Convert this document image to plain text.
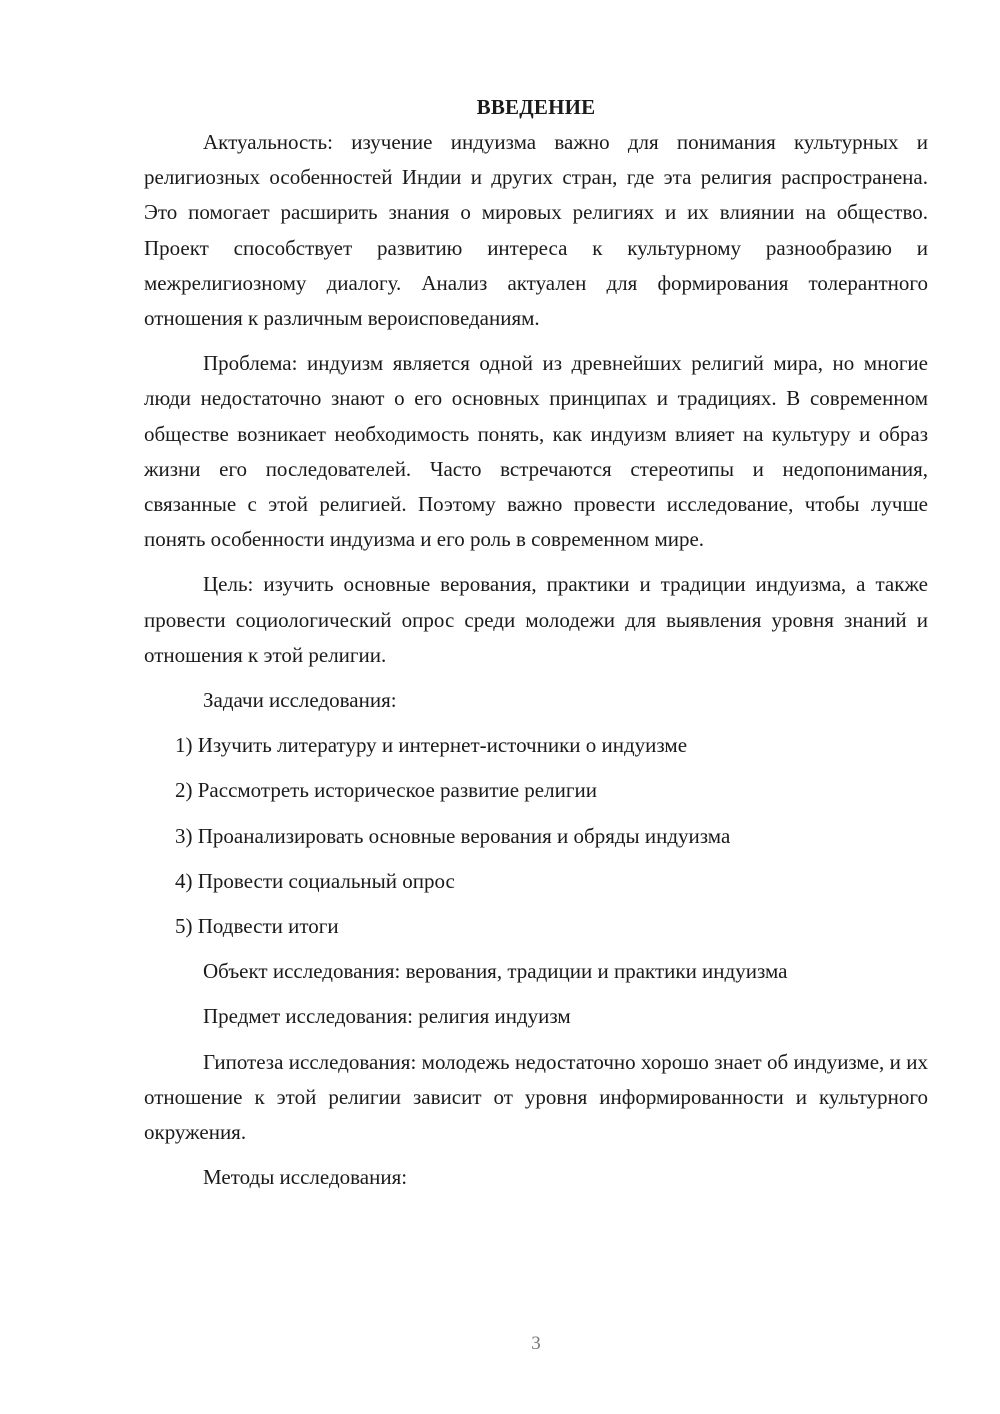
ВВЕДЕНИЕ

Актуальность: изучение индуизма важно для понимания культурных и религиозных особенностей Индии и других стран, где эта религия распространена. Это помогает расширить знания о мировых религиях и их влиянии на общество. Проект способствует развитию интереса к культурному разнообразию и межрелигиозному диалогу. Анализ актуален для формирования толерантного отношения к различным вероисповеданиям.

Проблема: индуизм является одной из древнейших религий мира, но многие люди недостаточно знают о его основных принципах и традициях. В современном обществе возникает необходимость понять, как индуизм влияет на культуру и образ жизни его последователей. Часто встречаются стереотипы и недопонимания, связанные с этой религией. Поэтому важно провести исследование, чтобы лучше понять особенности индуизма и его роль в современном мире.

Цель: изучить основные верования, практики и традиции индуизма, а также провести социологический опрос среди молодежи для выявления уровня знаний и отношения к этой религии.

Задачи исследования:

1) Изучить литературу и интернет-источники о индуизме
2) Рассмотреть историческое развитие религии
3) Проанализировать основные верования и обряды индуизма
4) Провести социальный опрос
5) Подвести итоги

Объект исследования: верования, традиции и практики индуизма

Предмет исследования: религия индуизм

Гипотеза исследования: молодежь недостаточно хорошо знает об индуизме, и их отношение к этой религии зависит от уровня информированности и культурного окружения.

Методы исследования:

3
